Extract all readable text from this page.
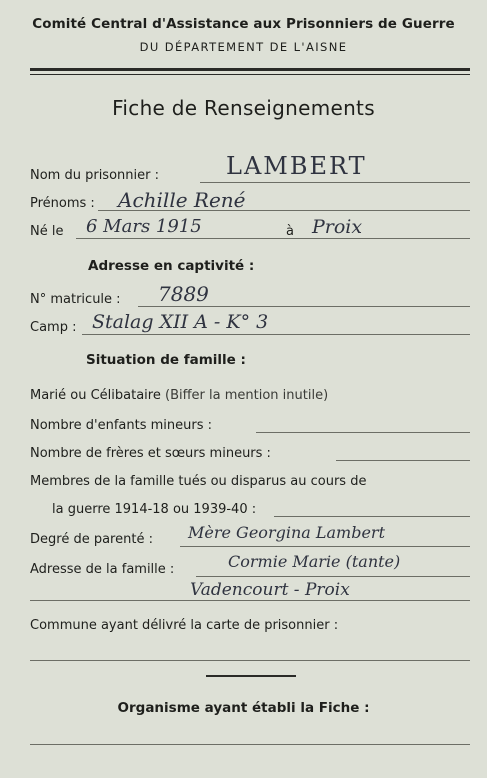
Comité Central d'Assistance aux Prisonniers de Guerre
DU DÉPARTEMENT DE L'AISNE
Fiche de Renseignements
Nom du prisonnier :	LAMBERT
Prénoms : Achille René
Né le 6 Mars 1915	à Proix
Adresse en captivité :
N° matricule : 7889
Camp : Stalag XII A - K° 3
Situation de famille :
Marié ou Célibataire (Biffer la mention inutile)
Nombre d'enfants mineurs :
Nombre de frères et sœurs mineurs :
Membres de la famille tués ou disparus au cours de
la guerre 1914-18 ou 1939-40 :
Degré de parenté : Mère Georgina Lambert
Adresse de la famille :	Cormie Marie (tante)
Vadencourt - Proix
Commune ayant délivré la carte de prisonnier :
Organisme ayant établi la Fiche :
